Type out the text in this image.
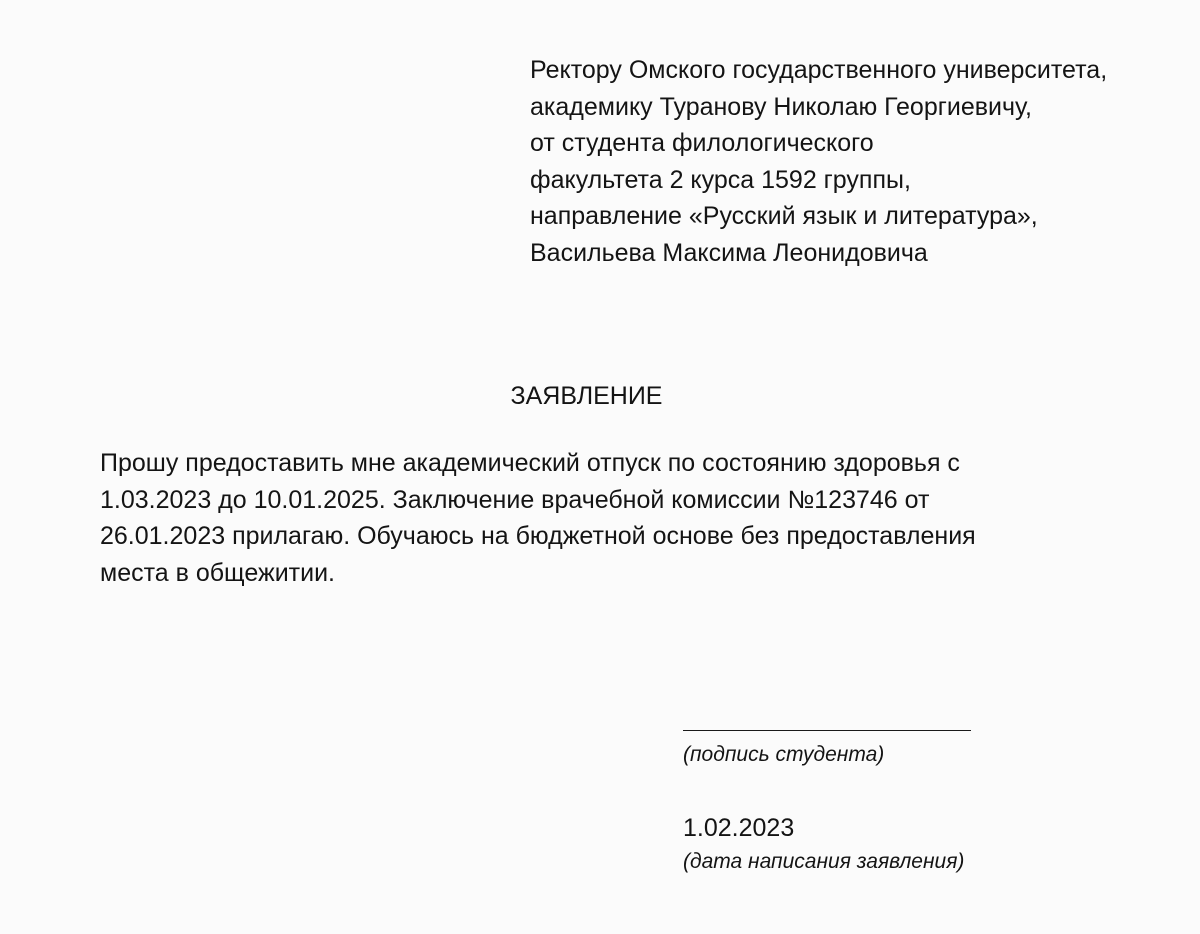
Ректору Омского государственного университета,
академику Туранову Николаю Георгиевичу,
от студента филологического
факультета 2 курса 1592 группы,
направление «Русский язык и литература»,
Васильева Максима Леонидовича
ЗАЯВЛЕНИЕ
Прошу предоставить мне академический отпуск по состоянию здоровья с
1.03.2023 до 10.01.2025. Заключение врачебной комиссии №123746 от
26.01.2023 прилагаю. Обучаюсь на бюджетной основе без предоставления
места в общежитии.
(подпись студента)
1.02.2023
(дата написания заявления)
